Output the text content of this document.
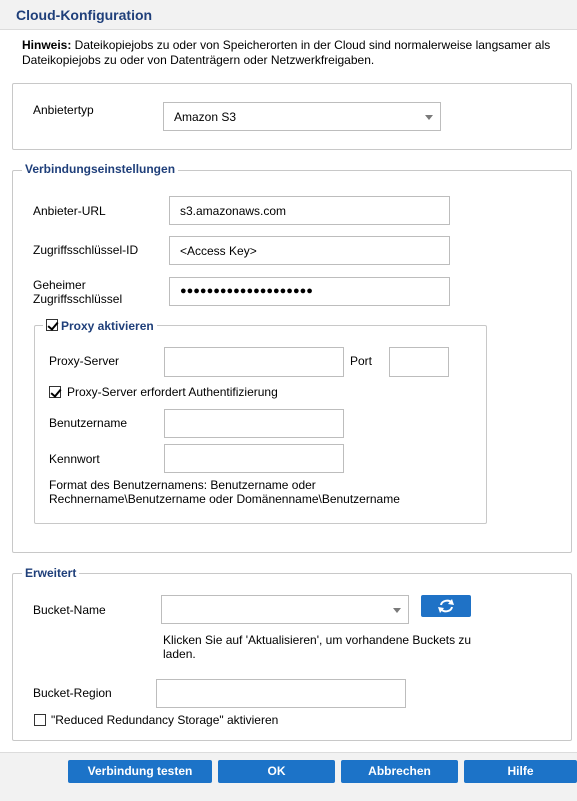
Cloud-Konfiguration
Hinweis: Dateikopiejobs zu oder von Speicherorten in der Cloud sind normalerweise langsamer als Dateikopiejobs zu oder von Datenträgern oder Netzwerkfreigaben.
Anbietertyp	Amazon S3
Verbindungseinstellungen
Anbieter-URL
s3.amazonaws.com
Zugriffsschlüssel-ID
<Access Key>
Geheimer
Zugriffsschlüssel
●●●●●●●●●●●●●●●●●●●●
Proxy aktivieren
Proxy-Server	Port
Proxy-Server erfordert Authentifizierung
Benutzername
Kennwort
Format des Benutzernamens: Benutzername oder Rechnername\Benutzername oder Domänenname\Benutzername
Erweitert
Bucket-Name
Klicken Sie auf 'Aktualisieren', um vorhandene Buckets zu laden.
Bucket-Region
"Reduced Redundancy Storage" aktivieren
Verbindung testen	OK	Abbrechen	Hilfe
